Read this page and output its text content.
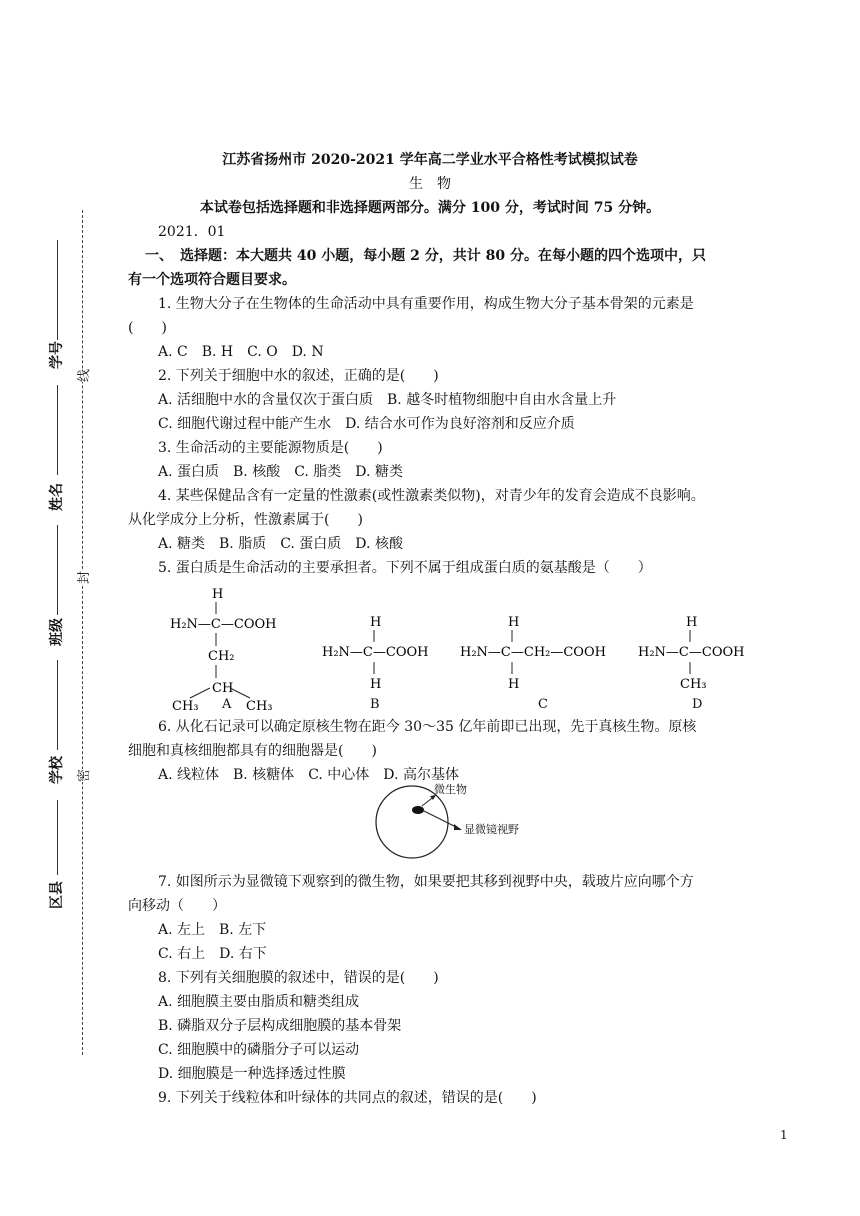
学号
姓名
班级
学校
区县
线
封
密
江苏省扬州市 2020-2021 学年高二学业水平合格性考试模拟试卷
生　物
本试卷包括选择题和非选择题两部分。满分 100 分，考试时间 75 分钟。
2021．01
一、　选择题：本大题共 40 小题，每小题 2 分，共计 80 分。在每小题的四个选项中，只
有一个选项符合题目要求。
1. 生物大分子在生物体的生命活动中具有重要作用，构成生物大分子基本骨架的元素是
(　　)
A. C　B. H　C. O　D. N
2. 下列关于细胞中水的叙述，正确的是(　　)
A. 活细胞中水的含量仅次于蛋白质　B. 越冬时植物细胞中自由水含量上升
C. 细胞代谢过程中能产生水　D. 结合水可作为良好溶剂和反应介质
3. 生命活动的主要能源物质是(　　)
A. 蛋白质　B. 核酸　C. 脂类　D. 糖类
4. 某些保健品含有一定量的性激素(或性激素类似物)，对青少年的发育会造成不良影响。
从化学成分上分析，性激素属于(　　)
A. 糖类　B. 脂质　C. 蛋白质　D. 核酸
5. 蛋白质是生命活动的主要承担者。下列不属于组成蛋白质的氨基酸是（　　）
H
H₂N—C—COOH
CH₂
CH
CH₃	CH₃
H
H₂N—C—COOH
H
H
H₂N—C—CH₂—COOH
H
H
H₂N—C—COOH
CH₃
A	B	C	D
6. 从化石记录可以确定原核生物在距今 30～35 亿年前即已出现，先于真核生物。原核
细胞和真核细胞都具有的细胞器是(　　)
A. 线粒体　B. 核糖体　C. 中心体　D. 高尔基体
微生物
显微镜视野
7. 如图所示为显微镜下观察到的微生物，如果要把其移到视野中央，载玻片应向哪个方
向移动（　　）
A. 左上　B. 左下
C. 右上　D. 右下
8. 下列有关细胞膜的叙述中，错误的是(　　)
A. 细胞膜主要由脂质和糖类组成
B. 磷脂双分子层构成细胞膜的基本骨架
C. 细胞膜中的磷脂分子可以运动
D. 细胞膜是一种选择透过性膜
9. 下列关于线粒体和叶绿体的共同点的叙述，错误的是(　　)
1
